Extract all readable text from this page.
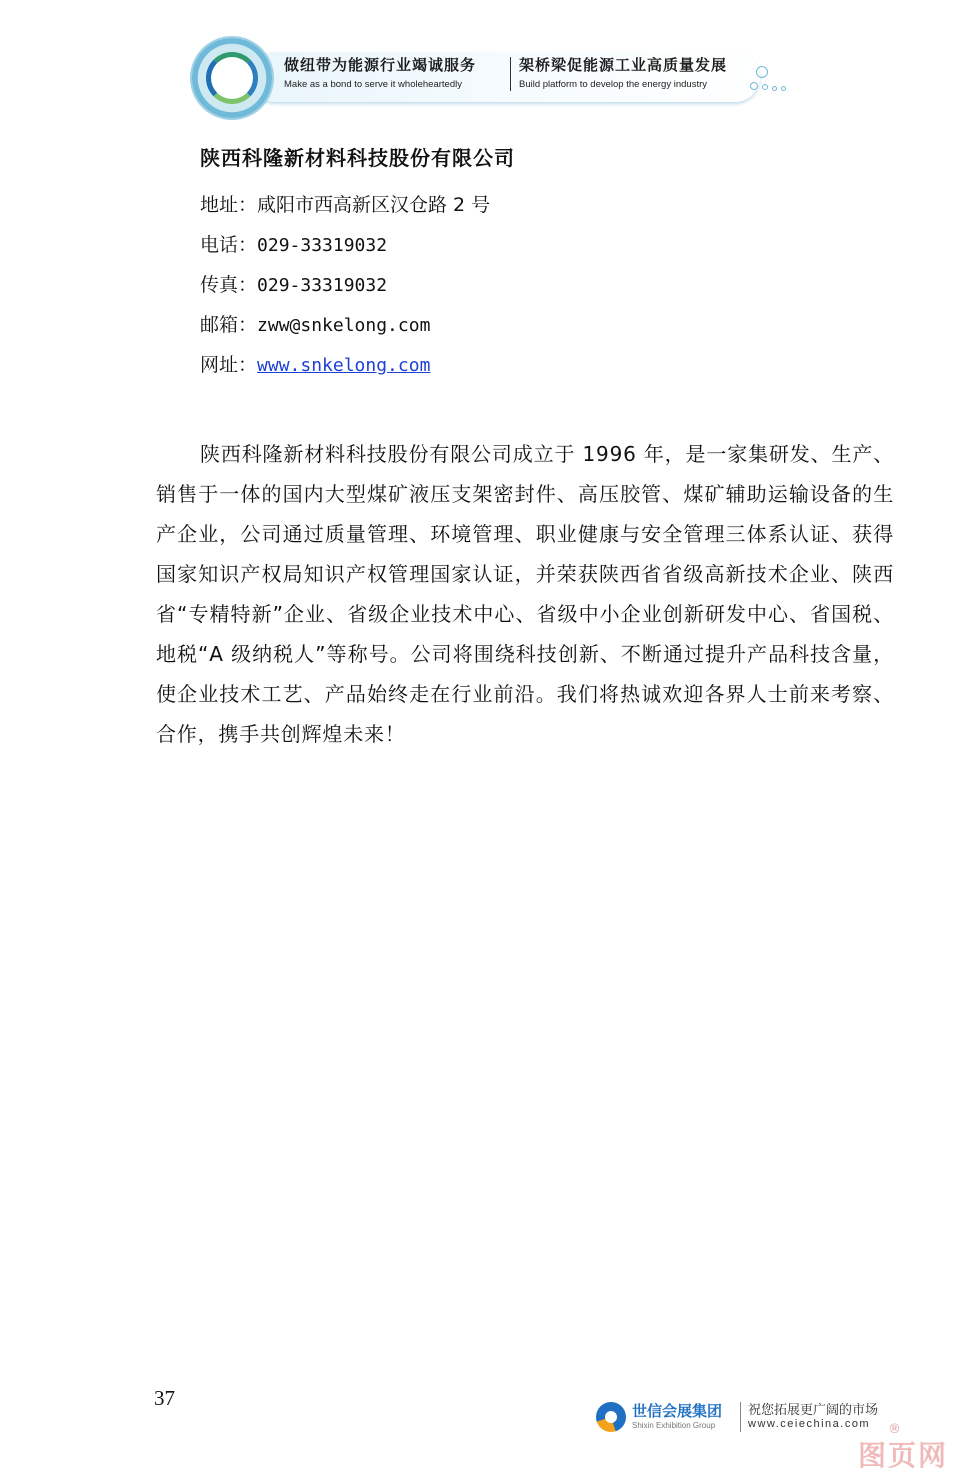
做纽带为能源行业竭诚服务
Make as a bond to serve it wholeheartedly
架桥梁促能源工业高质量发展
Build platform to develop the energy industry
陕西科隆新材料科技股份有限公司
地址：咸阳市西高新区汉仓路 2 号
电话：029-33319032
传真：029-33319032
邮箱：zww@snkelong.com
网址：www.snkelong.com

陕西科隆新材料科技股份有限公司成立于 1996 年，是一家集研发、生产、销售于一体的国内大型煤矿液压支架密封件、高压胶管、煤矿辅助运输设备的生产企业，公司通过质量管理、环境管理、职业健康与安全管理三体系认证、获得国家知识产权局知识产权管理国家认证，并荣获陕西省省级高新技术企业、陕西省“专精特新”企业、省级企业技术中心、省级中小企业创新研发中心、省国税、地税“A 级纳税人”等称号。公司将围绕科技创新、不断通过提升产品科技含量，使企业技术工艺、产品始终走在行业前沿。我们将热诚欢迎各界人士前来考察、合作，携手共创辉煌未来！

37
世信会展集团
Shixin Exhibition Group
祝您拓展更广阔的市场
www.ceiechina.com ®
图页网
